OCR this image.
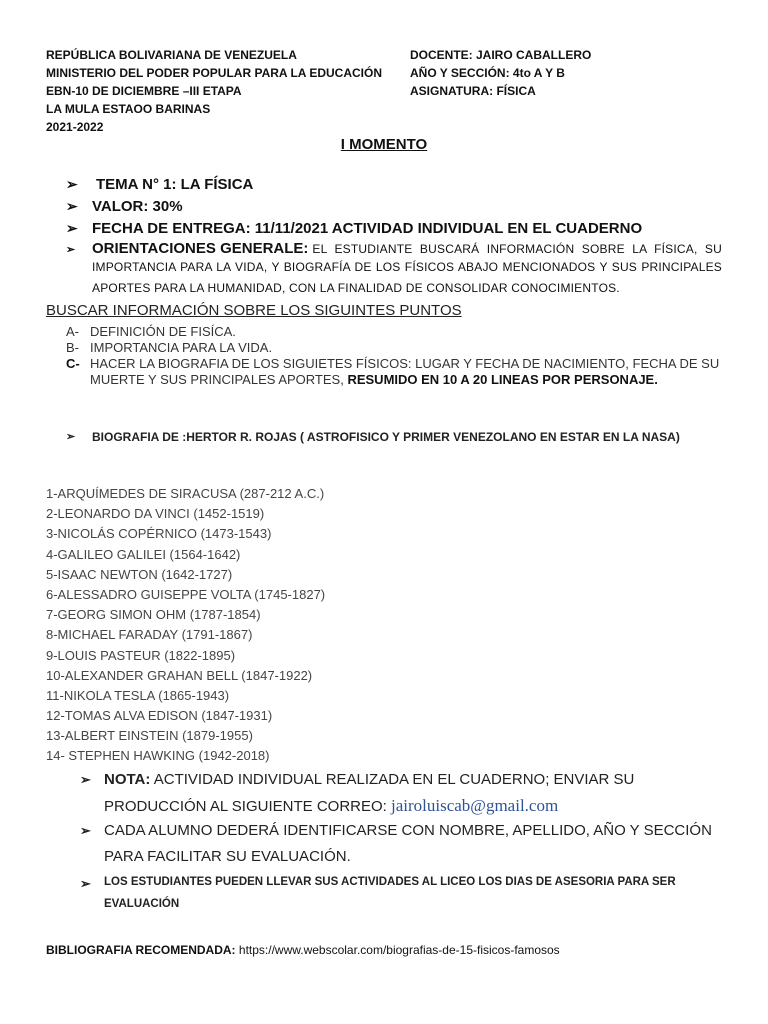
REPÚBLICA BOLIVARIANA DE VENEZUELA
MINISTERIO DEL PODER POPULAR PARA LA EDUCACIÓN
EBN-10 DE DICIEMBRE –III ETAPA
LA MULA ESTAOO BARINAS
2021-2022
DOCENTE: JAIRO CABALLERO
AÑO Y SECCIÓN: 4to A Y B
ASIGNATURA: FÍSICA
I MOMENTO
➢	TEMA N° 1: LA FÍSICA
➢ VALOR: 30%
➢ FECHA DE ENTREGA: 11/11/2021 ACTIVIDAD INDIVIDUAL EN EL CUADERNO
➢	ORIENTACIONES GENERALE: EL ESTUDIANTE BUSCARÁ INFORMACIÓN SOBRE LA FÍSICA, SU
IMPORTANCIA PARA LA VIDA, Y BIOGRAFÍA DE LOS FÍSICOS ABAJO MENCIONADOS Y SUS PRINCIPALES
APORTES PARA LA HUMANIDAD, CON LA FINALIDAD DE CONSOLIDAR CONOCIMIENTOS.
BUSCAR INFORMACIÓN SOBRE LOS SIGUINTES PUNTOS
A- DEFINICIÓN DE FISÍCA.
B- IMPORTANCIA PARA LA VIDA.
C- HACER LA BIOGRAFIA DE LOS SIGUIETES FÍSICOS: LUGAR Y FECHA DE NACIMIENTO, FECHA DE SU MUERTE Y SUS PRINCIPALES APORTES, RESUMIDO EN 10 A 20 LINEAS POR PERSONAJE.
➢	BIOGRAFIA DE :HERTOR R. ROJAS ( ASTROFISICO Y PRIMER VENEZOLANO EN ESTAR EN LA NASA)
1-ARQUÍMEDES DE SIRACUSA (287-212 A.C.)
2-LEONARDO DA VINCI (1452-1519)
3-NICOLÁS COPÉRNICO (1473-1543)
4-GALILEO GALILEI (1564-1642)
5-ISAAC NEWTON (1642-1727)
6-ALESSADRO GUISEPPE VOLTA (1745-1827)
7-GEORG SIMON OHM (1787-1854)
8-MICHAEL FARADAY (1791-1867)
9-LOUIS PASTEUR (1822-1895)
10-ALEXANDER GRAHAN BELL (1847-1922)
11-NIKOLA TESLA (1865-1943)
12-TOMAS ALVA EDISON (1847-1931)
13-ALBERT EINSTEIN (1879-1955)
14- STEPHEN HAWKING (1942-2018)
➢ NOTA: ACTIVIDAD INDIVIDUAL REALIZADA EN EL CUADERNO; ENVIAR SU
PRODUCCIÓN AL SIGUIENTE CORREO: jairoluiscab@gmail.com
➢ CADA ALUMNO DEDERÁ IDENTIFICARSE CON NOMBRE, APELLIDO, AÑO Y SECCIÓN
PARA FACILITAR SU EVALUACIÓN.
➢	LOS ESTUDIANTES PUEDEN LLEVAR SUS ACTIVIDADES AL LICEO LOS DIAS DE ASESORIA PARA SER
EVALUACIÓN
BIBLIOGRAFIA RECOMENDADA: https://www.webscolar.com/biografias-de-15-fisicos-famosos
